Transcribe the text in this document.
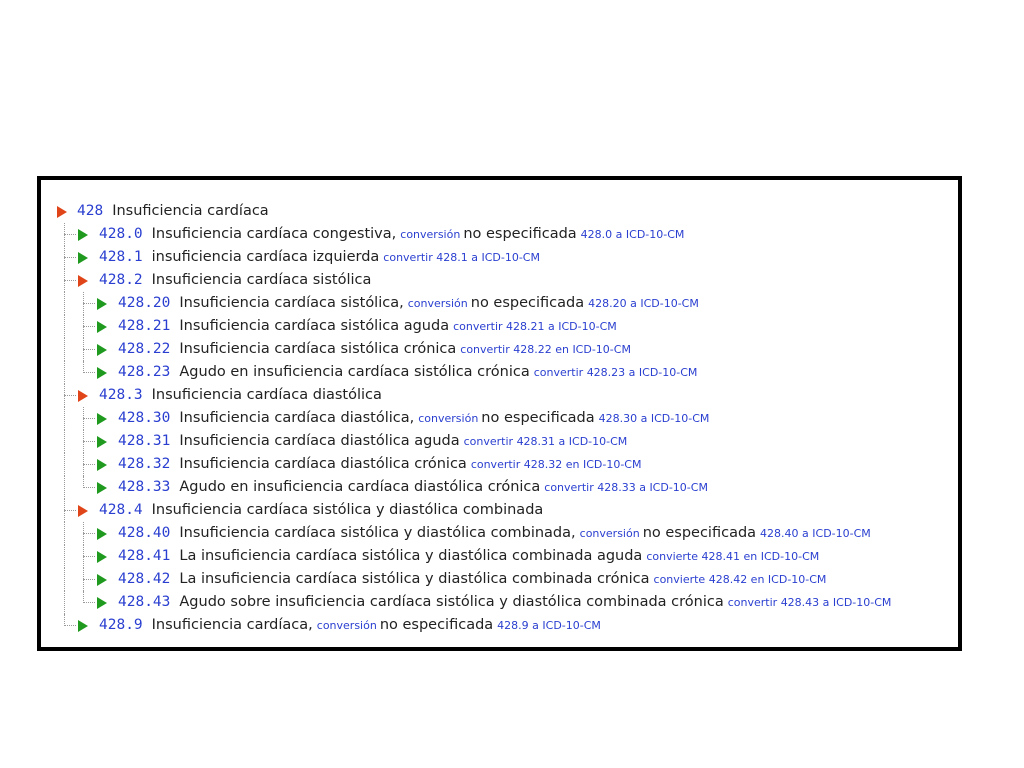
428 Insuficiencia cardíaca
428.0 Insuficiencia cardíaca congestiva, conversión no especificada 428.0 a ICD-10-CM
428.1 insuficiencia cardíaca izquierda convertir 428.1 a ICD-10-CM
428.2 Insuficiencia cardíaca sistólica
428.20 Insuficiencia cardíaca sistólica, conversión no especificada 428.20 a ICD-10-CM
428.21 Insuficiencia cardíaca sistólica aguda convertir 428.21 a ICD-10-CM
428.22 Insuficiencia cardíaca sistólica crónica convertir 428.22 en ICD-10-CM
428.23 Agudo en insuficiencia cardíaca sistólica crónica convertir 428.23 a ICD-10-CM
428.3 Insuficiencia cardíaca diastólica
428.30 Insuficiencia cardíaca diastólica, conversión no especificada 428.30 a ICD-10-CM
428.31 Insuficiencia cardíaca diastólica aguda convertir 428.31 a ICD-10-CM
428.32 Insuficiencia cardíaca diastólica crónica convertir 428.32 en ICD-10-CM
428.33 Agudo en insuficiencia cardíaca diastólica crónica convertir 428.33 a ICD-10-CM
428.4 Insuficiencia cardíaca sistólica y diastólica combinada
428.40 Insuficiencia cardíaca sistólica y diastólica combinada, conversión no especificada 428.40 a ICD-10-CM
428.41 La insuficiencia cardíaca sistólica y diastólica combinada aguda convierte 428.41 en ICD-10-CM
428.42 La insuficiencia cardíaca sistólica y diastólica combinada crónica convierte 428.42 en ICD-10-CM
428.43 Agudo sobre insuficiencia cardíaca sistólica y diastólica combinada crónica convertir 428.43 a ICD-10-CM
428.9 Insuficiencia cardíaca, conversión no especificada 428.9 a ICD-10-CM
